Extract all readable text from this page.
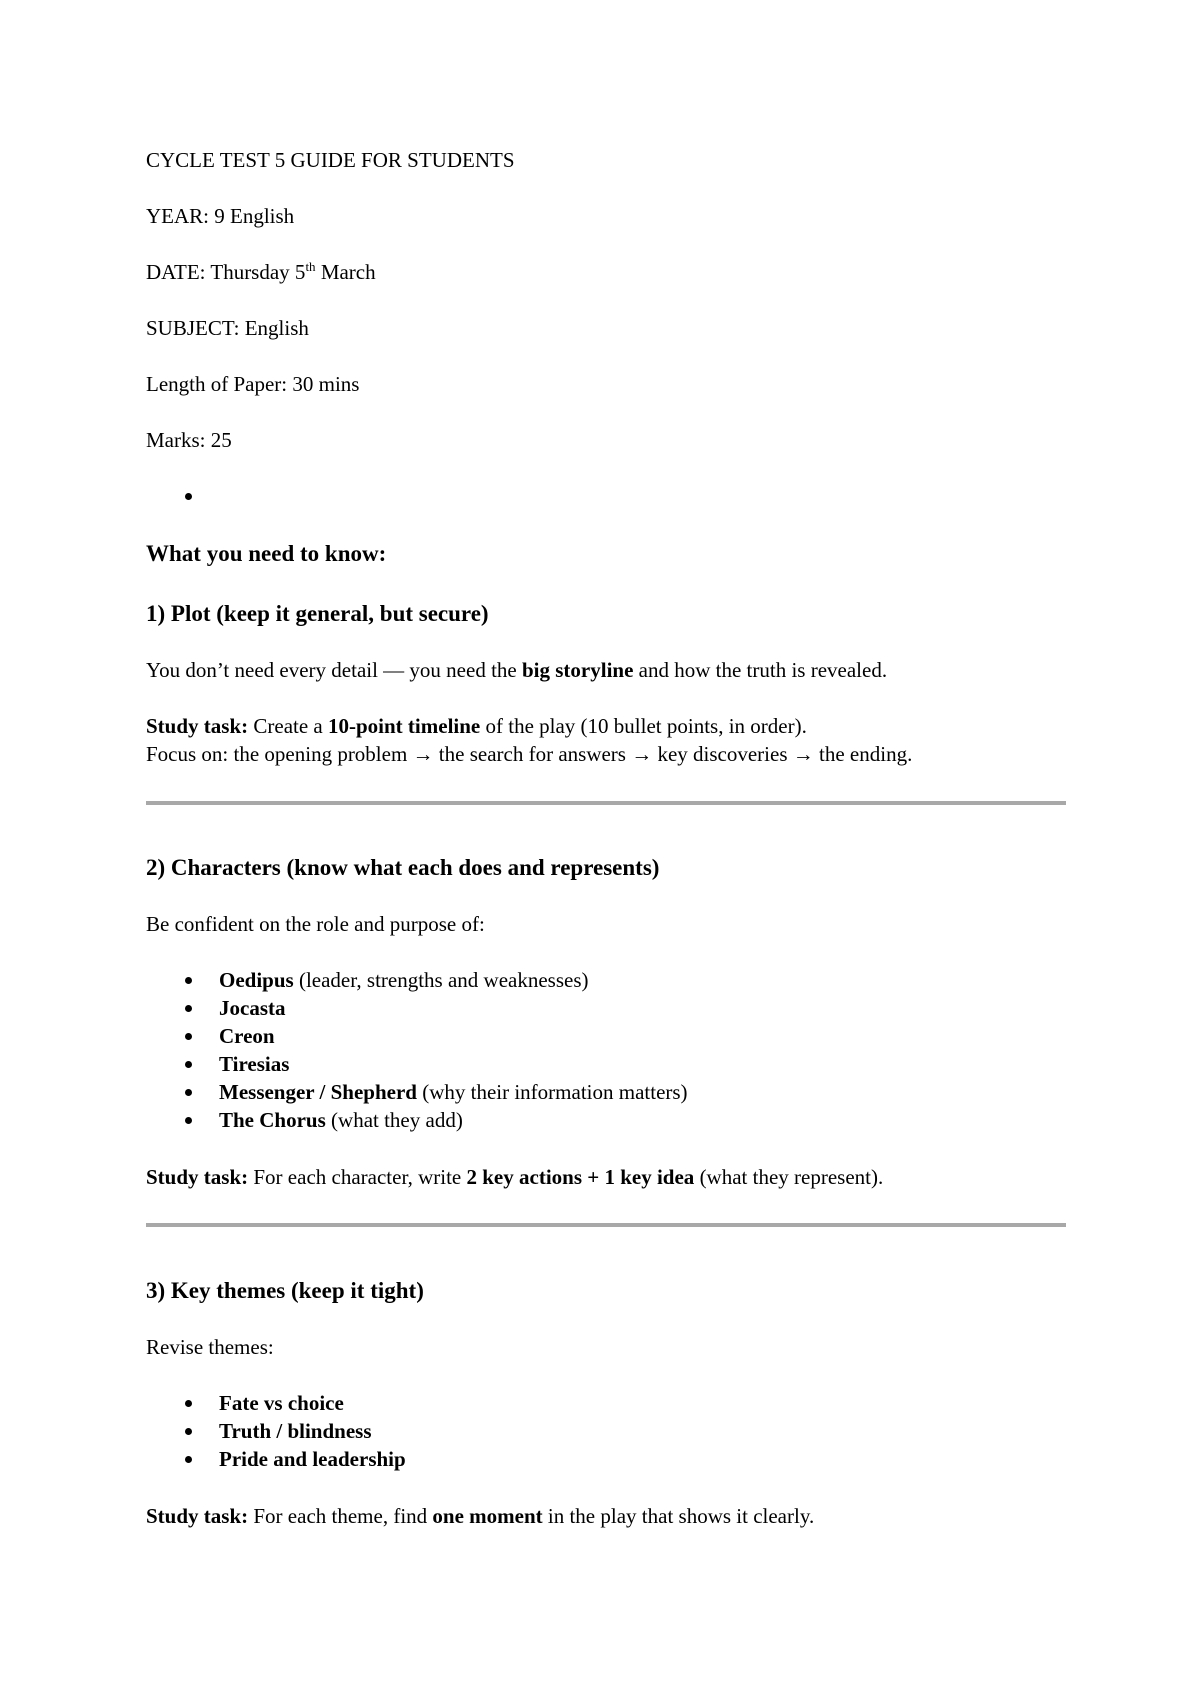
CYCLE TEST 5 GUIDE FOR STUDENTS

YEAR: 9 English

DATE: Thursday 5th March

SUBJECT: English

Length of Paper: 30 mins

Marks: 25

What you need to know:

1) Plot (keep it general, but secure)

You don’t need every detail — you need the big storyline and how the truth is revealed.

Study task: Create a 10-point timeline of the play (10 bullet points, in order).

Focus on: the opening problem → the search for answers → key discoveries → the ending.

2) Characters (know what each does and represents)

Be confident on the role and purpose of:

Oedipus (leader, strengths and weaknesses)
Jocasta
Creon
Tiresias
Messenger / Shepherd (why their information matters)
The Chorus (what they add)

Study task: For each character, write 2 key actions + 1 key idea (what they represent).

3) Key themes (keep it tight)

Revise themes:

Fate vs choice
Truth / blindness
Pride and leadership

Study task: For each theme, find one moment in the play that shows it clearly.
